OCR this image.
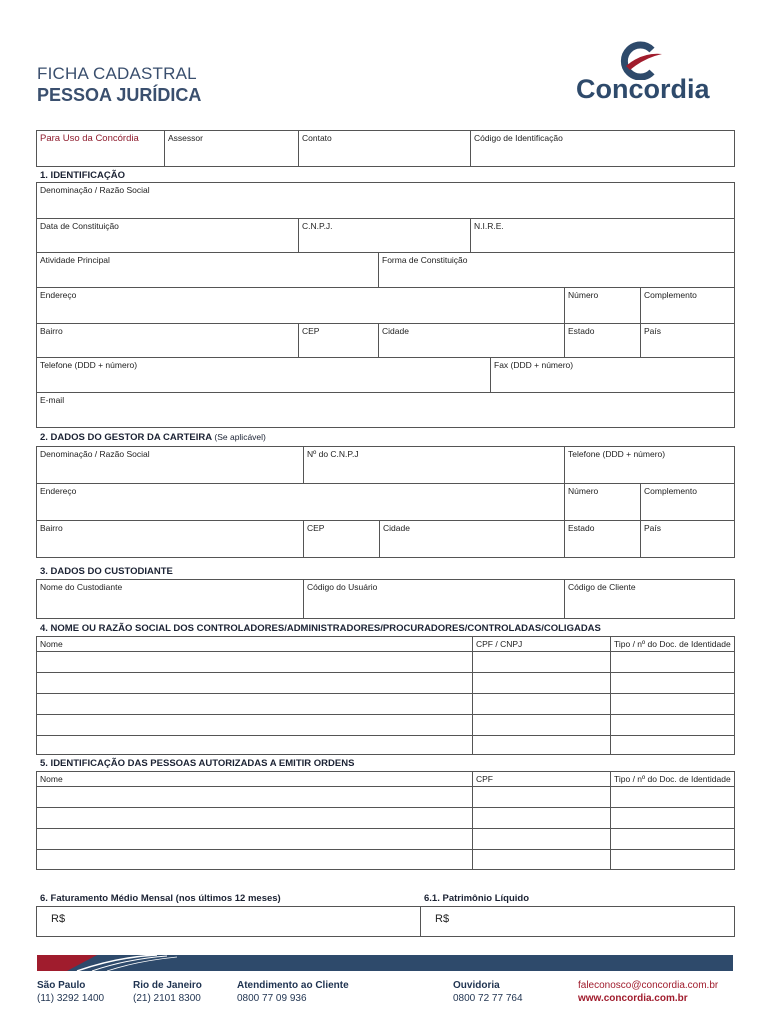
FICHA CADASTRAL
PESSOA JURÍDICA	Concordia
Para Uso da Concórdia	Assessor	Contato	Código de Identificação
1. IDENTIFICAÇÃO
Denominação / Razão Social						
Data de Constituição	C.N.P.J.		N.I.R.E.			
Atividade Principal		Forma de Constituição				
Endereço					Número	Complemento
Bairro	CEP	Cidade			Estado	País
Telefone (DDD + número)				Fax (DDD + número)		
E-mail						
2. DADOS DO GESTOR DA CARTEIRA (Se aplicável)
Denominação / Razão Social	Nº do C.N.P.J		Telefone (DDD + número)	
Endereço			Número	Complemento
Bairro	CEP	Cidade	Estado	País
3. DADOS DO CUSTODIANTE
Nome do Custodiante	Código do Usuário	Código de Cliente
4. NOME OU RAZÃO SOCIAL DOS CONTROLADORES/ADMINISTRADORES/PROCURADORES/CONTROLADAS/COLIGADAS
Nome	CPF / CNPJ	Tipo / nº do Doc. de Identidade

5. IDENTIFICAÇÃO DAS PESSOAS AUTORIZADAS A EMITIR ORDENS
Nome	CPF	Tipo / nº do Doc. de Identidade

6. Faturamento Médio Mensal (nos últimos 12 meses)	6.1. Patrimônio Líquido
R$	R$
São Paulo
(11) 3292 1400
Rio de Janeiro
(21) 2101 8300
Atendimento ao Cliente
0800 77 09 936
Ouvidoria
0800 72 77 764
faleconosco@concordia.com.br
www.concordia.com.br
